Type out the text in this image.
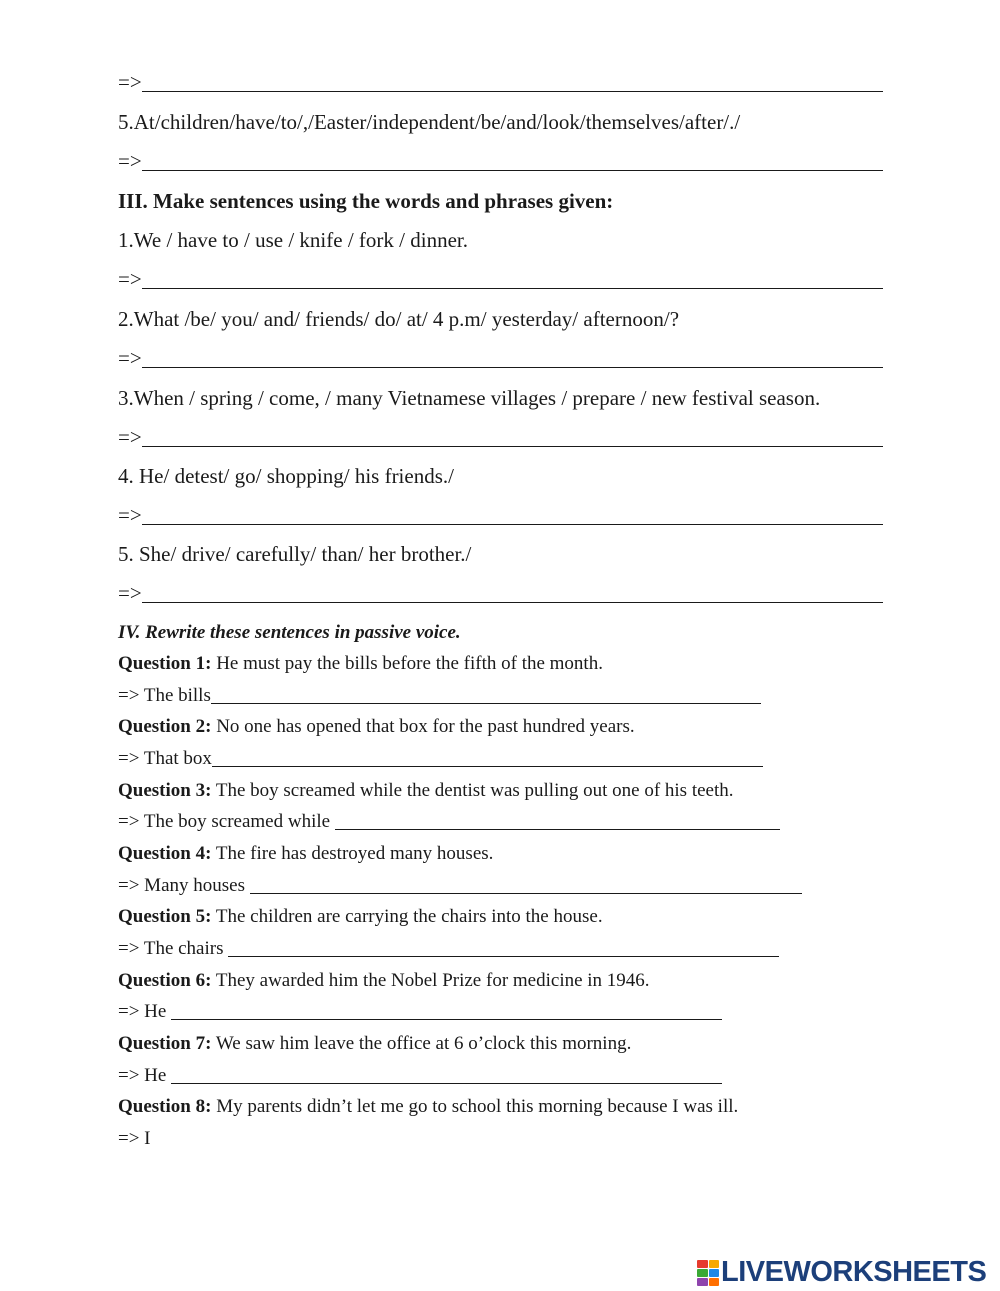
=>
5.At/children/have/to/,/Easter/independent/be/and/look/themselves/after/./
=>
III. Make sentences using the words and phrases given:
1.We / have to / use / knife / fork / dinner.
=>
2.What /be/ you/ and/ friends/ do/ at/ 4 p.m/ yesterday/ afternoon/?
=>
3.When / spring / come, / many Vietnamese villages / prepare / new festival season.
=>
4. He/ detest/ go/ shopping/ his friends./
=>
5. She/ drive/ carefully/ than/ her brother./
=>
IV. Rewrite these sentences in passive voice.
Question 1: He must pay the bills before the fifth of the month.
=> The bills
Question 2: No one has opened that box for the past hundred years.
=> That box
Question 3: The boy screamed while the dentist was pulling out one of his teeth.
=> The boy screamed while
Question 4: The fire has destroyed many houses.
=> Many houses
Question 5: The children are carrying the chairs into the house.
=> The chairs
Question 6: They awarded him the Nobel Prize for medicine in 1946.
=> He
Question 7: We saw him leave the office at 6 o’clock this morning.
=> He
Question 8: My parents didn’t let me go to school this morning because I was ill.
=> I
LIVEWORKSHEETS
